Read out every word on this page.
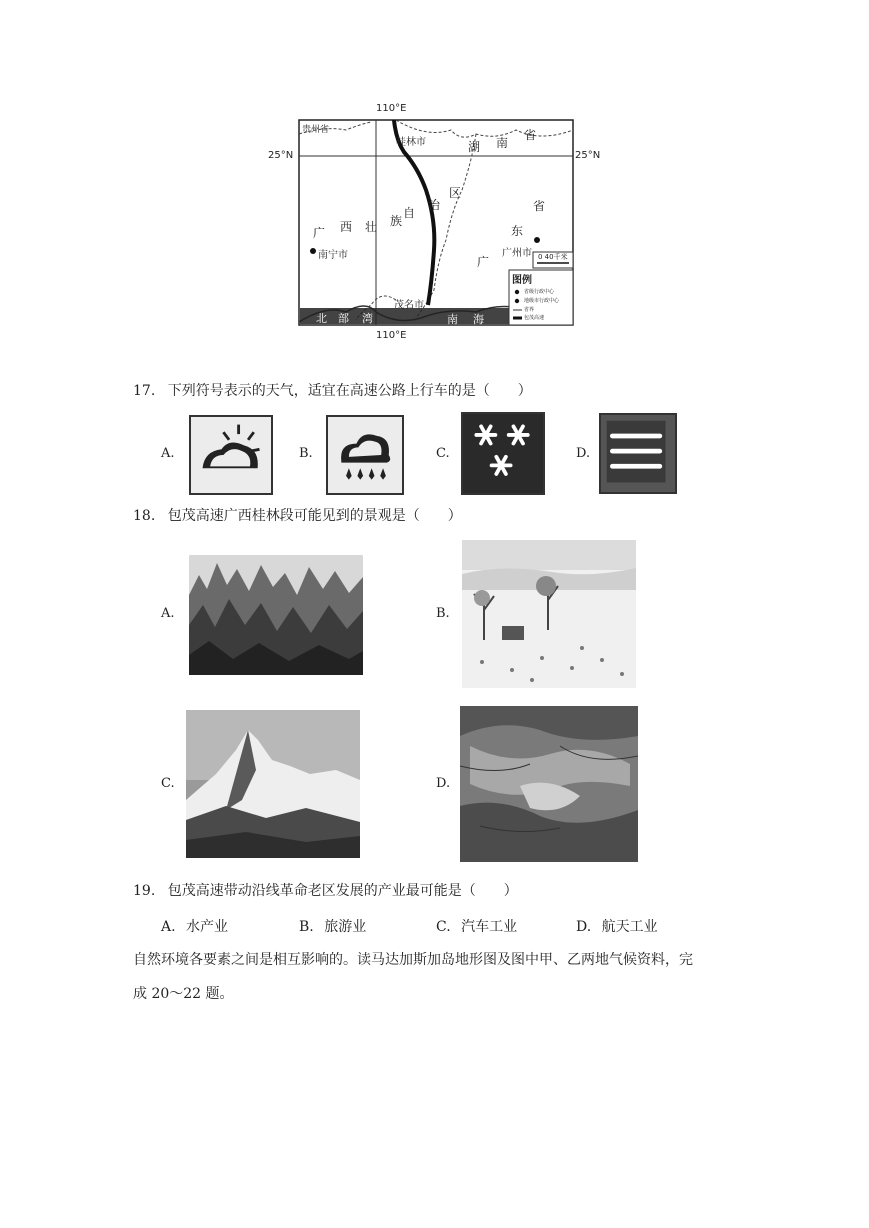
110°E
110°E
25°N	25°N
贵州省
桂林市	湖 南
省
自
治
区
广 西 壮 族
南宁市
省
东
广州市
广
茂名市
北 部 湾	南 海
0 40千米
图例
省级行政中心
地级市行政中心
省界
包茂高速
17. 下列符号表示的天气，适宜在高速公路上行车的是（　　）
A.	B.	C.	D.
18. 包茂高速广西桂林段可能见到的景观是（　　）
A.	B.
C.	D.
19. 包茂高速带动沿线革命老区发展的产业最可能是（　　）
A. 水产业	B. 旅游业	C. 汽车工业	D. 航天工业
自然环境各要素之间是相互影响的。读马达加斯加岛地形图及图中甲、乙两地气候资料，完
成 20～22 题。
